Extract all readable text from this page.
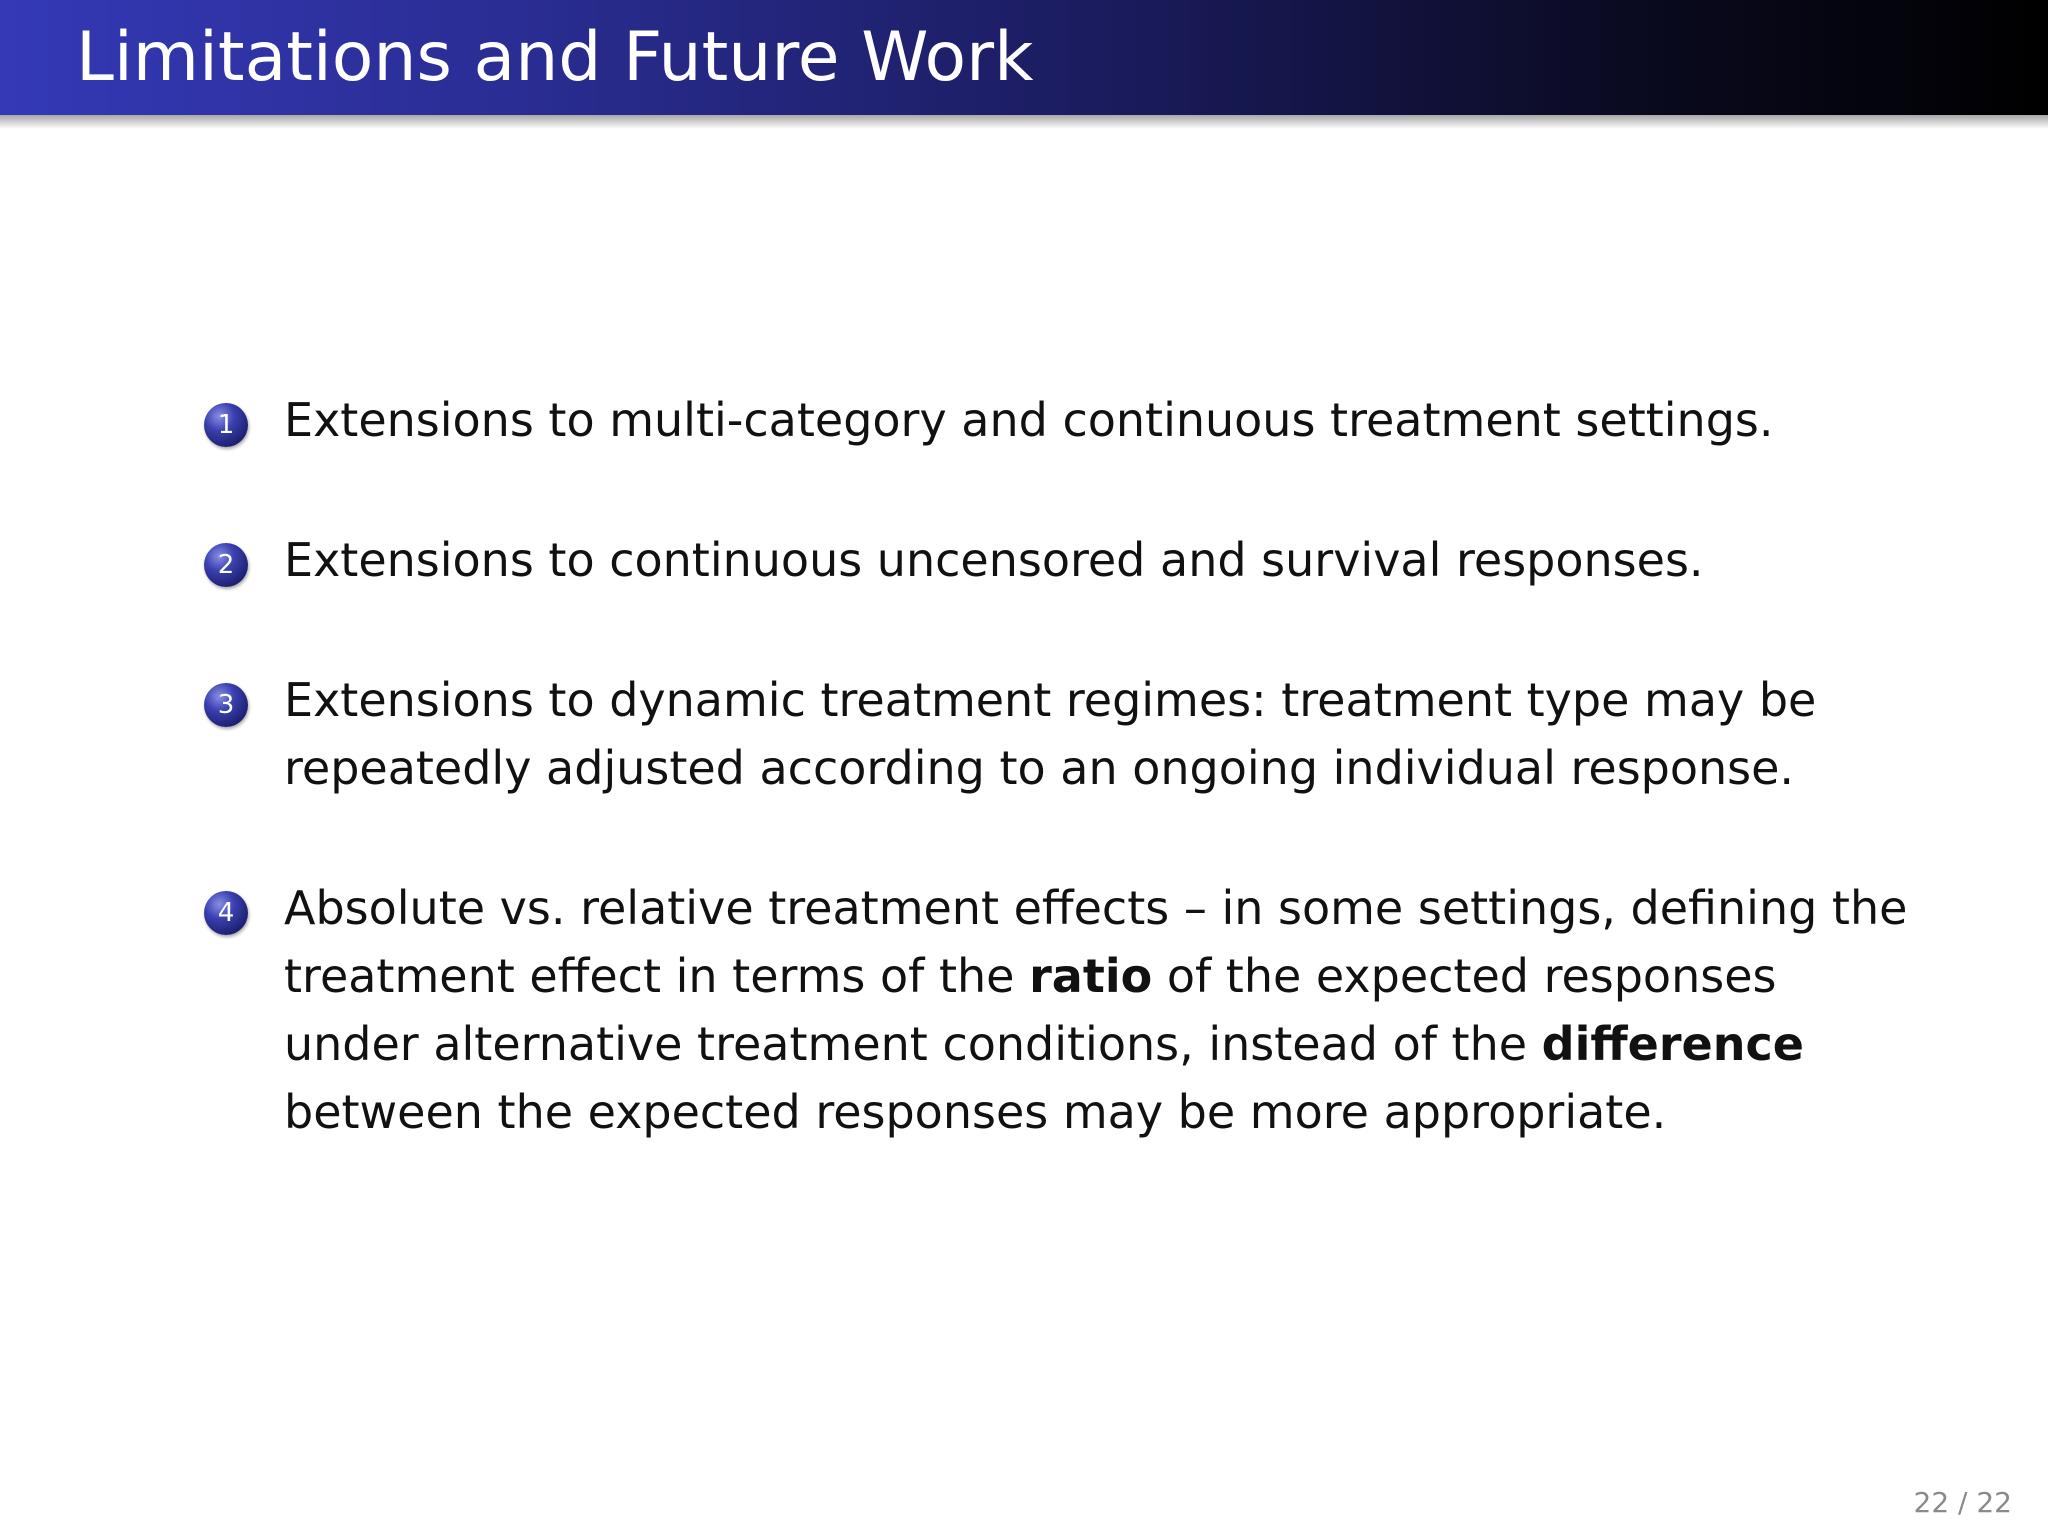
Limitations and Future Work
1 Extensions to multi-category and continuous treatment settings.
2 Extensions to continuous uncensored and survival responses.
3 Extensions to dynamic treatment regimes: treatment type may be repeatedly adjusted according to an ongoing individual response.
4 Absolute vs. relative treatment effects – in some settings, defining the treatment effect in terms of the ratio of the expected responses under alternative treatment conditions, instead of the difference between the expected responses may be more appropriate.
22 / 22
